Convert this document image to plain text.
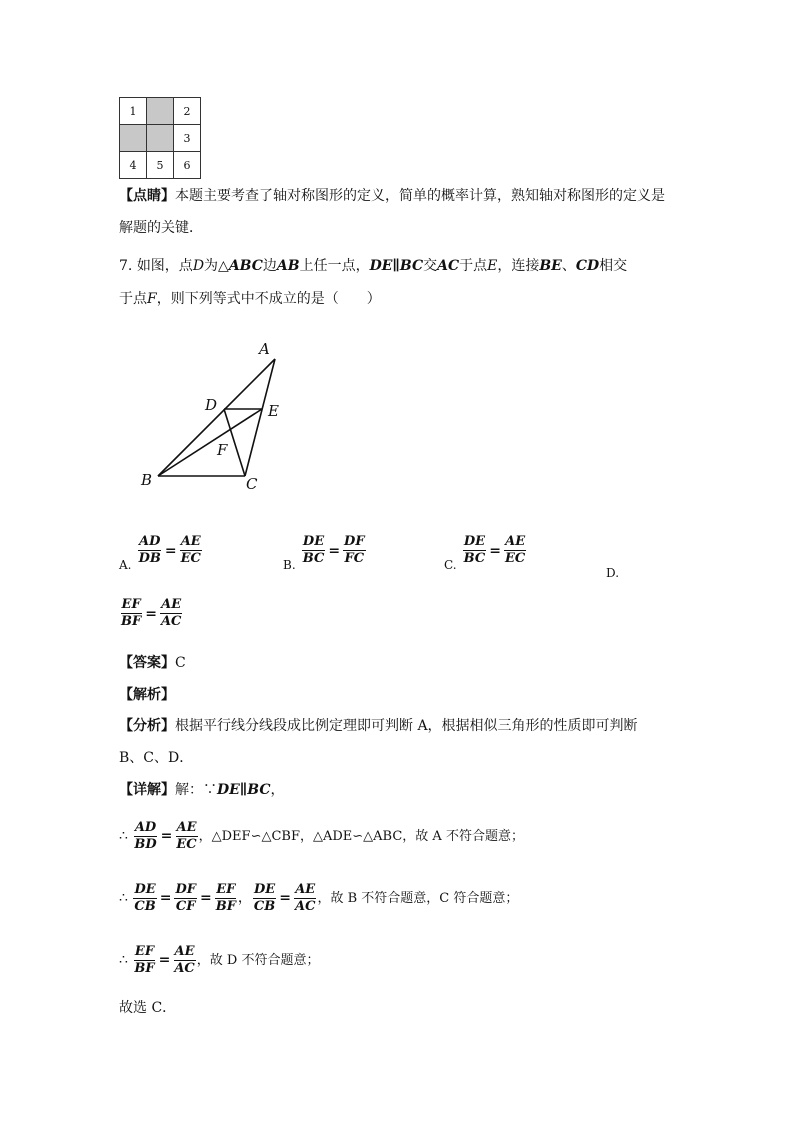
1		2
		3
4	5	6
【点睛】本题主要考查了轴对称图形的定义，简单的概率计算，熟知轴对称图形的定义是
解题的关键．
7. 如图，点D为△ABC边AB上任一点，DE∥BC交AC于点E，连接BE、CD相交
于点F，则下列等式中不成立的是（　　）
A
B	C
D	E
F
$_{A.} \frac{AD}{DB} = \frac{AE}{EC}$	$_{B.} \frac{DE}{BC} = \frac{DF}{FC}$	$_{C.} \frac{DE}{BC} = \frac{AE}{EC}$
D.
$\frac{EF}{BF} = \frac{AE}{AC}$
【答案】C
【解析】
【分析】根据平行线分线段成比例定理即可判断 A，根据相似三角形的性质即可判断
B、C、D．
【详解】解：∵DE∥BC，
∴ $\frac{AD}{BD} = \frac{AE}{EC}$ ，△DEF∽△CBF，△ADE∽△ABC，故 A 不符合题意；
∴ $\frac{DE}{CB} = \frac{DF}{CF} = \frac{EF}{BF}$ ， $\frac{DE}{CB} = \frac{AE}{AC}$ ，故 B 不符合题意，C 符合题意；
∴ $\frac{EF}{BF} = \frac{AE}{AC}$ ，故 D 不符合题意；
故选 C．
